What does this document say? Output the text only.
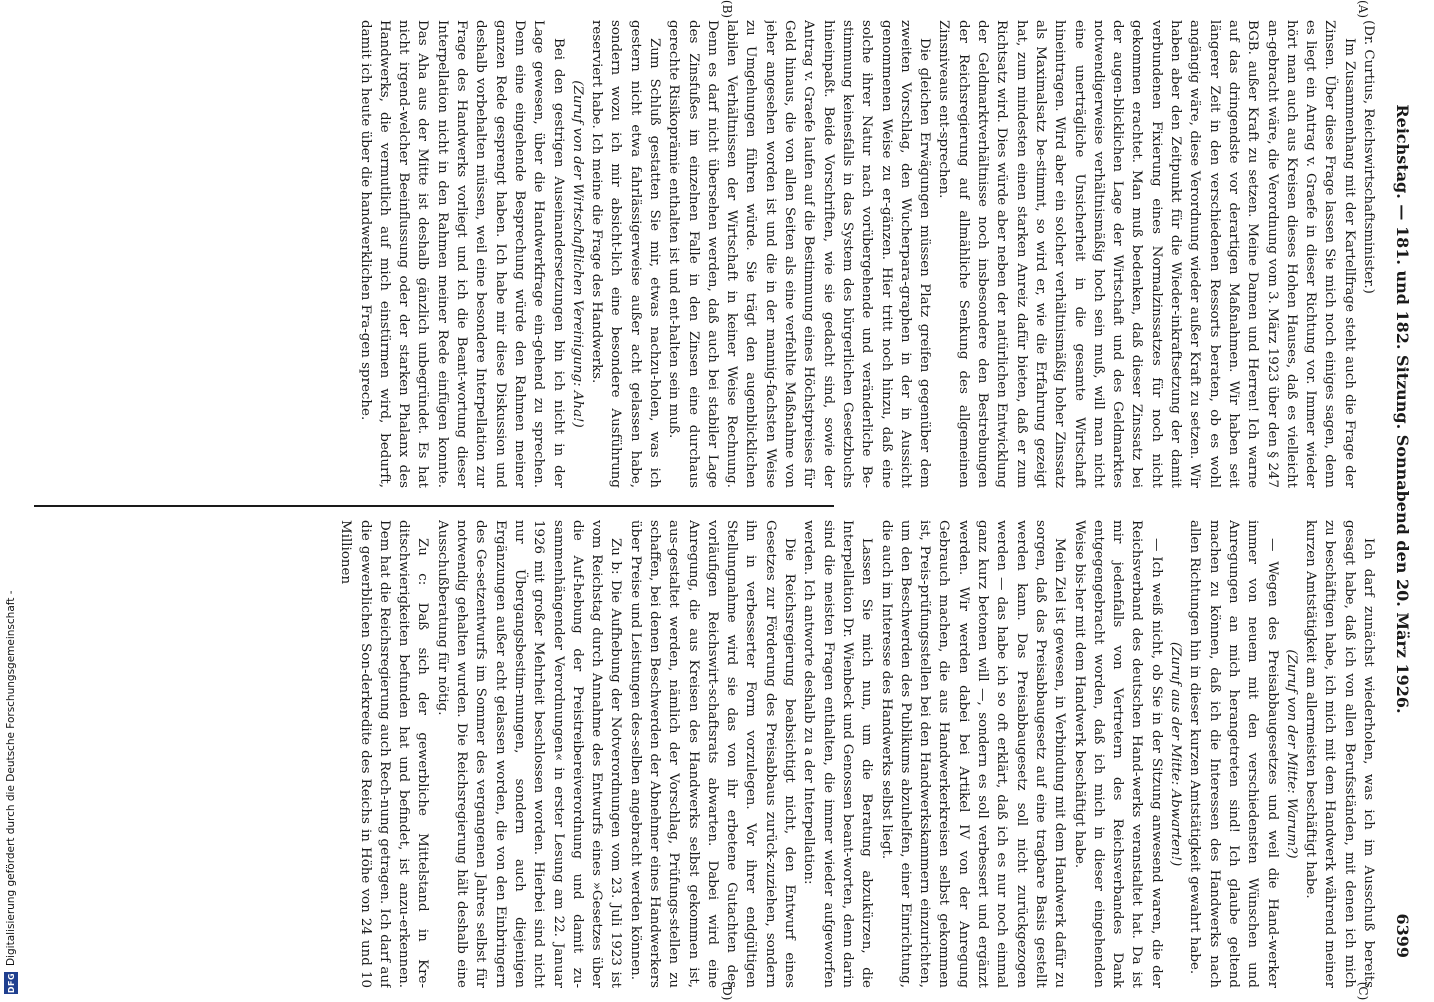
Reichstag. — 181. und 182. Sitzung. Sonnabend den 20. März 1926.
6399
(A)
(B)
(C)
(D)

(Dr. Curtius, Reichswirtschaftsminister.)

Im Zusammenhang mit der Kartellfrage steht auch die Frage der Zinsen. Über diese Frage lassen Sie mich noch einiges sagen, denn es liegt ein Antrag v. Graefe in dieser Richtung vor. Immer wieder hört man auch aus Kreisen dieses Hohen Hauses, daß es vielleicht an-gebracht wäre, die Verordnung vom 3. März 1923 über den § 247 BGB. außer Kraft zu setzen. Meine Damen und Herren! Ich warne auf das dringendste vor derartigen Maßnahmen. Wir haben seit längerer Zeit in den verschiedenen Ressorts beraten, ob es wohl angängig wäre, diese Verordnung wieder außer Kraft zu setzen. Wir haben aber den Zeitpunkt für die Wieder-inkraftsetzung der damit verbundenen Fixierung eines Normalzinssatzes für noch nicht gekommen erachtet. Man muß bedenken, daß dieser Zinssatz bei der augen-blicklichen Lage der Wirtschaft und des Geldmarktes notwendigerweise verhältnismäßig hoch sein muß, will man nicht eine unerträgliche Unsicherheit in die gesamte Wirtschaft hineintragen. Wird aber ein solcher verhältnismäßig hoher Zinssatz als Maximalsatz be-stimmt, so wird er, wie die Erfahrung gezeigt hat, zum mindesten einen starken Anreiz dafür bieten, daß er zum Richtsatz wird. Dies würde aber neben der natürlichen Entwicklung der Geldmarktverhältnisse noch insbesondere den Bestrebungen der Reichsregierung auf allmähliche Senkung des allgemeinen Zinsniveaus ent-sprechen.

Die gleichen Erwägungen müssen Platz greifen gegenüber dem zweiten Vorschlag, den Wucherpara-graphen in der in Aussicht genommenen Weise zu er-gänzen. Hier tritt noch hinzu, daß eine solche ihrer Natur nach vorübergehende und veränderliche Be-stimmung keinesfalls in das System des bürgerlichen Gesetzbuchs hineinpaßt. Beide Vorschriften, wie sie gedacht sind, sowie der Antrag v. Graefe laufen auf die Bestimmung eines Höchstpreises für Geld hinaus, die von allen Seiten als eine verfehlte Maßnahme von jeher angesehen worden ist und die in der mannig-fachsten Weise zu Umgehungen führen würde. Sie trägt den augenblicklichen labilen Verhältnissen der Wirtschaft in keiner Weise Rechnung. Denn es darf nicht übersehen werden, daß auch bei stabiler Lage des Zinsfußes im einzelnen Falle in den Zinsen eine durchaus gerechte Risikoprämie enthalten ist und ent-halten sein muß.

Zum Schluß gestatten Sie mir, etwas nachzu-holen, was ich gestern nicht etwa fahrlässigerweise außer acht gelassen habe, sondern wozu ich mir absicht-lich eine besondere Ausführung reserviert habe. Ich meine die Frage des Handwerks.

(Zuruf von der Wirtschaftlichen Vereinigung: Aha!)

Bei den gestrigen Auseinandersetzungen bin ich nicht in der Lage gewesen, über die Handwerkfrage ein-gehend zu sprechen. Denn eine eingehende Besprechung würde den Rahmen meiner ganzen Rede gesprengt haben. Ich habe mir diese Diskussion und deshalb vorbehalten müssen, weil eine besondere Interpellation zur Frage des Handwerks vorliegt und ich die Beant-wortung dieser Interpellation nicht in den Rahmen meiner Rede einfügen konnte. Das Aha aus der Mitte ist deshalb gänzlich unbegründet. Es hat nicht irgend-welcher Beeinflussung oder der starken Phalanx des Handwerks, die vermutlich auf mich einstürmen wird, bedurft, damit ich heute über die handwerklichen Fra-gen spreche.

Ich darf zunächst wiederholen, was ich im Ausschuß bereits gesagt habe, daß ich von allen Berufsständen, mit denen ich mich zu beschäftigen habe, ich mich mit dem Handwerk während meiner kurzen Amtstätigkeit am allermeisten beschäftigt habe.

(Zuruf von der Mitte: Warum?)

— Wegen des Preisabbaugesetzes und weil die Hand-werker immer von neuem mit den verschiedensten Wünschen und Anregungen an mich herangetreten sind! Ich glaube geltend machen zu können, daß ich die Interessen des Handwerks nach allen Richtungen hin in dieser kurzen Amtstätigkeit gewahrt habe.

(Zuruf aus der Mitte: Abwarten!)

— Ich weiß nicht, ob Sie in der Sitzung anwesend waren, die der Reichsverband des deutschen Hand-werks veranstaltet hat. Da ist mir jedenfalls von Vertretern des Reichsverbandes Dank entgegengebracht worden, daß ich mich in dieser eingehenden Weise bis-her mit dem Handwerk beschäftigt habe.

Mein Ziel ist gewesen, in Verbindung mit dem Handwerk dafür zu sorgen, daß das Preisabbaugesetz auf eine tragbare Basis gestellt werden kann. Das Preisabbaugesetz soll nicht zurückgezogen werden — das habe ich so oft erklärt, daß ich es nur noch einmal ganz kurz betonen will —, sondern es soll verbessert und ergänzt werden. Wir werden dabei bei Artikel IV von der Anregung Gebrauch machen, die aus Handwerkerkreisen selbst gekommen ist, Preis-prüfungsstellen bei den Handwerkskammern einzurichten, um den Beschwerden des Publikums abzuhelfen, einer Einrichtung, die auch im Interesse des Handwerks selbst liegt.

Lassen Sie mich nun, um die Beratung abzukürzen, die Interpellation Dr. Wienbeck und Genossen beant-worten, denn darin sind die meisten Fragen enthalten, die immer wieder aufgeworfen werden. Ich antworte deshalb zu a der Interpellation:

Die Reichsregierung beabsichtigt nicht, den Entwurf eines Gesetzes zur Förderung des Preisabbaus zurück-zuziehen, sondern ihn in verbesserter Form vorzulegen. Vor ihrer endgültigen Stellungnahme wird sie das von ihr erbetene Gutachten des vorläufigen Reichswirt-schaftsrats abwarten. Dabei wird eine Anregung, die aus Kreisen des Handwerks selbst gekommen ist, aus-gestaltet werden, nämlich der Vorschlag, Prüfungs-stellen zu schaffen, bei denen Beschwerden der Abnehmer eines Handwerkers über Preise und Leistungen des-selben angebracht werden können.

Zu b: Die Aufhebung der Notverordnungen vom 23. Juli 1923 ist vom Reichstag durch Annahme des Entwurfs eines »Gesetzes über die Auf-hebung der Preistreibereiverordnung und damit zu-sammenhängender Verordnungen« in erster Lesung am 22. Januar 1926 mit großer Mehrheit beschlossen worden. Hierbei sind nicht nur Übergangsbestim-mungen, sondern auch diejenigen Ergänzungen außer acht gelassen worden, die von den Einbringern des Ge-setzentwurfs im Sommer des vergangenen Jahres selbst für notwendig gehalten wurden. Die Reichsregierung hält deshalb eine Ausschußberatung für nötig.

Zu c: Daß sich der gewerbliche Mittelstand in Kre-ditschwierigkeiten befunden hat und befindet, ist anzu-erkennen. Dem hat die Reichsregierung auch Rech-nung getragen. Ich darf auf die gewerblichen Son-derkredite des Reichs in Höhe von 24 und 10 Millionen

DFG
Digitalisierung gefördert durch die Deutsche Forschungsgemeinschaft -
